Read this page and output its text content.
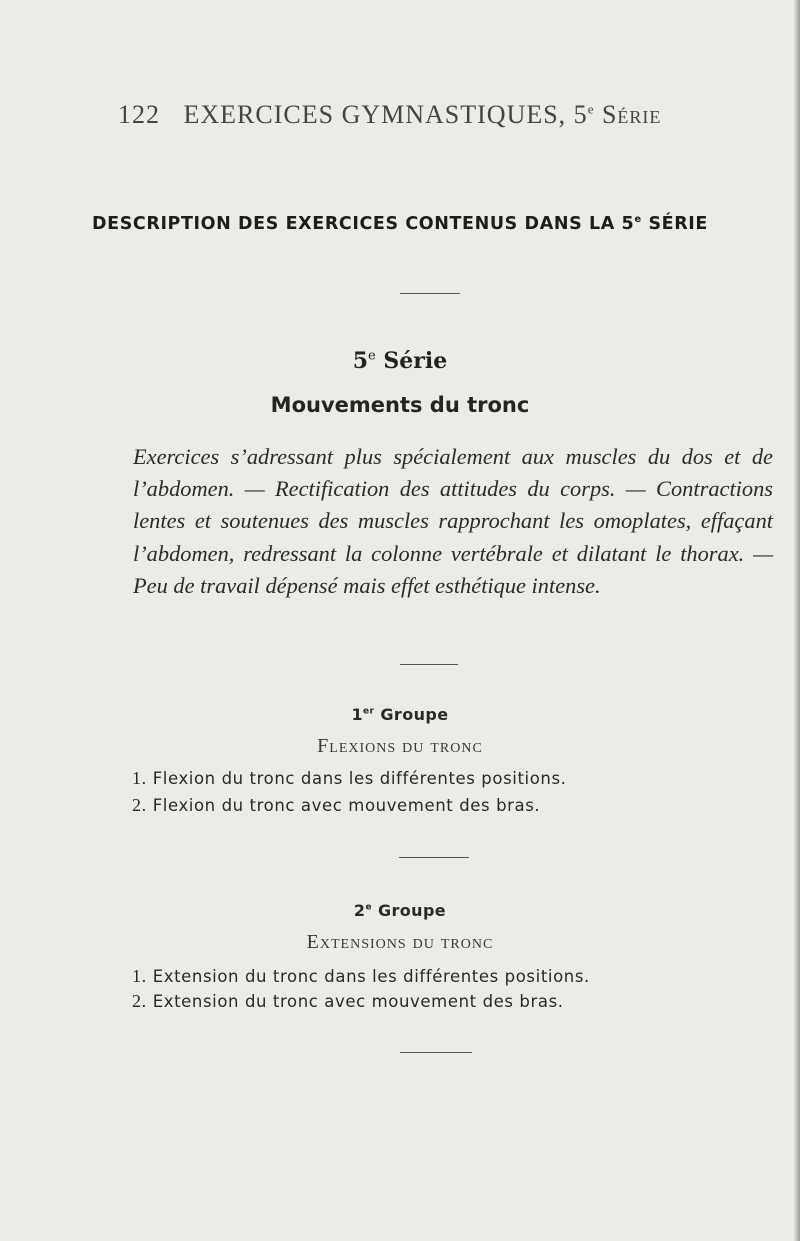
122 EXERCICES GYMNASTIQUES, 5e Série
DESCRIPTION DES EXERCICES CONTENUS DANS LA 5e SÉRIE
5e Série
Mouvements du tronc
Exercices s’adressant plus spécialement aux muscles du dos et de l’abdomen. — Rectification des attitudes du corps. — Contractions lentes et soutenues des muscles rapprochant les omoplates, effaçant l’abdomen, redressant la colonne vertébrale et dilatant le thorax. — Peu de travail dépensé mais effet esthétique intense.
1er Groupe
Flexions du tronc
1. Flexion du tronc dans les différentes positions.
2. Flexion du tronc avec mouvement des bras.
2e Groupe
Extensions du tronc
1. Extension du tronc dans les différentes positions.
2. Extension du tronc avec mouvement des bras.
